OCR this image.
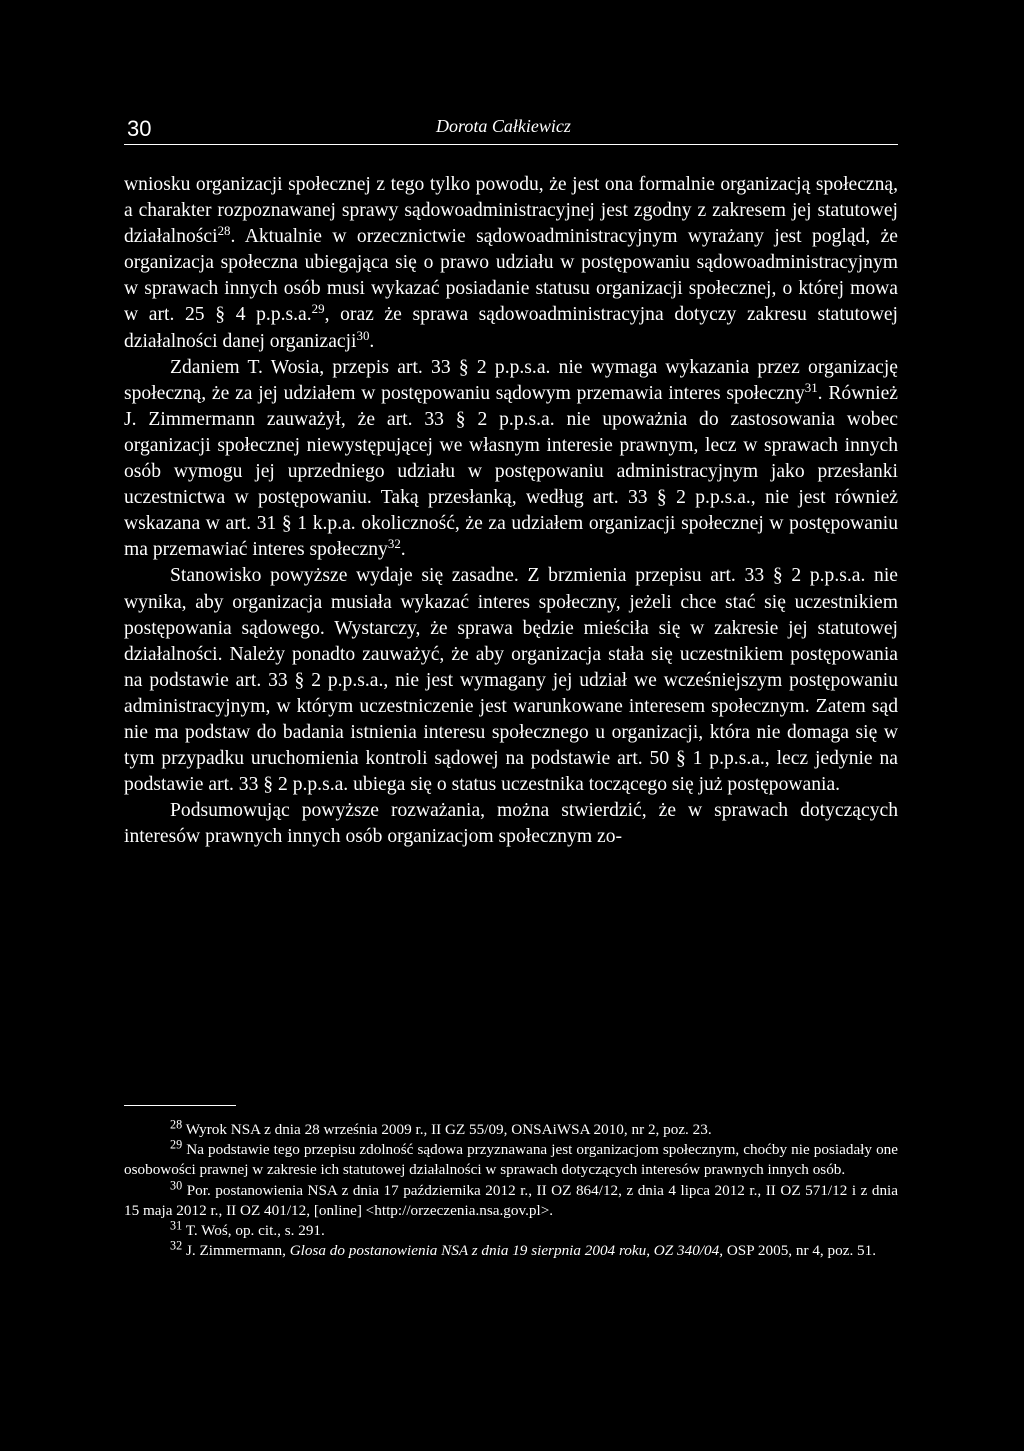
30	Dorota Całkiewicz

wniosku organizacji społecznej z tego tylko powodu, że jest ona formalnie organizacją społeczną, a charakter rozpoznawanej sprawy sądowoadministracyjnej jest zgodny z zakresem jej statutowej działalności$^{28}$. Aktualnie w orzecznictwie sądowoadministracyjnym wyrażany jest pogląd, że organizacja społeczna ubiegająca się o prawo udziału w postępowaniu sądowoadministracyjnym w sprawach innych osób musi wykazać posiadanie statusu organizacji społecznej, o której mowa w art. 25 § 4 p.p.s.a.$^{29}$, oraz że sprawa sądowoadministracyjna dotyczy zakresu statutowej działalności danej organizacji$^{30}$.

Zdaniem T. Wosia, przepis art. 33 § 2 p.p.s.a. nie wymaga wykazania przez organizację społeczną, że za jej udziałem w postępowaniu sądowym przemawia interes społeczny$^{31}$. Również J. Zimmermann zauważył, że art. 33 § 2 p.p.s.a. nie upoważnia do zastosowania wobec organizacji społecznej niewystępującej we własnym interesie prawnym, lecz w sprawach innych osób wymogu jej uprzedniego udziału w postępowaniu administracyjnym jako przesłanki uczestnictwa w postępowaniu. Taką przesłanką, według art. 33 § 2 p.p.s.a., nie jest również wskazana w art. 31 § 1 k.p.a. okoliczność, że za udziałem organizacji społecznej w postępowaniu ma przemawiać interes społeczny$^{32}$.

Stanowisko powyższe wydaje się zasadne. Z brzmienia przepisu art. 33 § 2 p.p.s.a. nie wynika, aby organizacja musiała wykazać interes społeczny, jeżeli chce stać się uczestnikiem postępowania sądowego. Wystarczy, że sprawa będzie mieściła się w zakresie jej statutowej działalności. Należy ponadto zauważyć, że aby organizacja stała się uczestnikiem postępowania na podstawie art. 33 § 2 p.p.s.a., nie jest wymagany jej udział we wcześniejszym postępowaniu administracyjnym, w którym uczestniczenie jest warunkowane interesem społecznym. Zatem sąd nie ma podstaw do badania istnienia interesu społecznego u organizacji, która nie domaga się w tym przypadku uruchomienia kontroli sądowej na podstawie art. 50 § 1 p.p.s.a., lecz jedynie na podstawie art. 33 § 2 p.p.s.a. ubiega się o status uczestnika toczącego się już postępowania.

Podsumowując powyższe rozważania, można stwierdzić, że w sprawach dotyczących interesów prawnych innych osób organizacjom społecznym zo-

$^{28}$ Wyrok NSA z dnia 28 września 2009 r., II GZ 55/09, ONSAiWSA 2010, nr 2, poz. 23.

$^{29}$ Na podstawie tego przepisu zdolność sądowa przyznawana jest organizacjom społecznym, choćby nie posiadały one osobowości prawnej w zakresie ich statutowej działalności w sprawach dotyczących interesów prawnych innych osób.

$^{30}$ Por. postanowienia NSA z dnia 17 października 2012 r., II OZ 864/12, z dnia 4 lipca 2012 r., II OZ 571/12 i z dnia 15 maja 2012 r., II OZ 401/12, [online] <http://orzeczenia.nsa.gov.pl>.

$^{31}$ T. Woś, op. cit., s. 291.

$^{32}$ J. Zimmermann, Glosa do postanowienia NSA z dnia 19 sierpnia 2004 roku, OZ 340/04, OSP 2005, nr 4, poz. 51.
